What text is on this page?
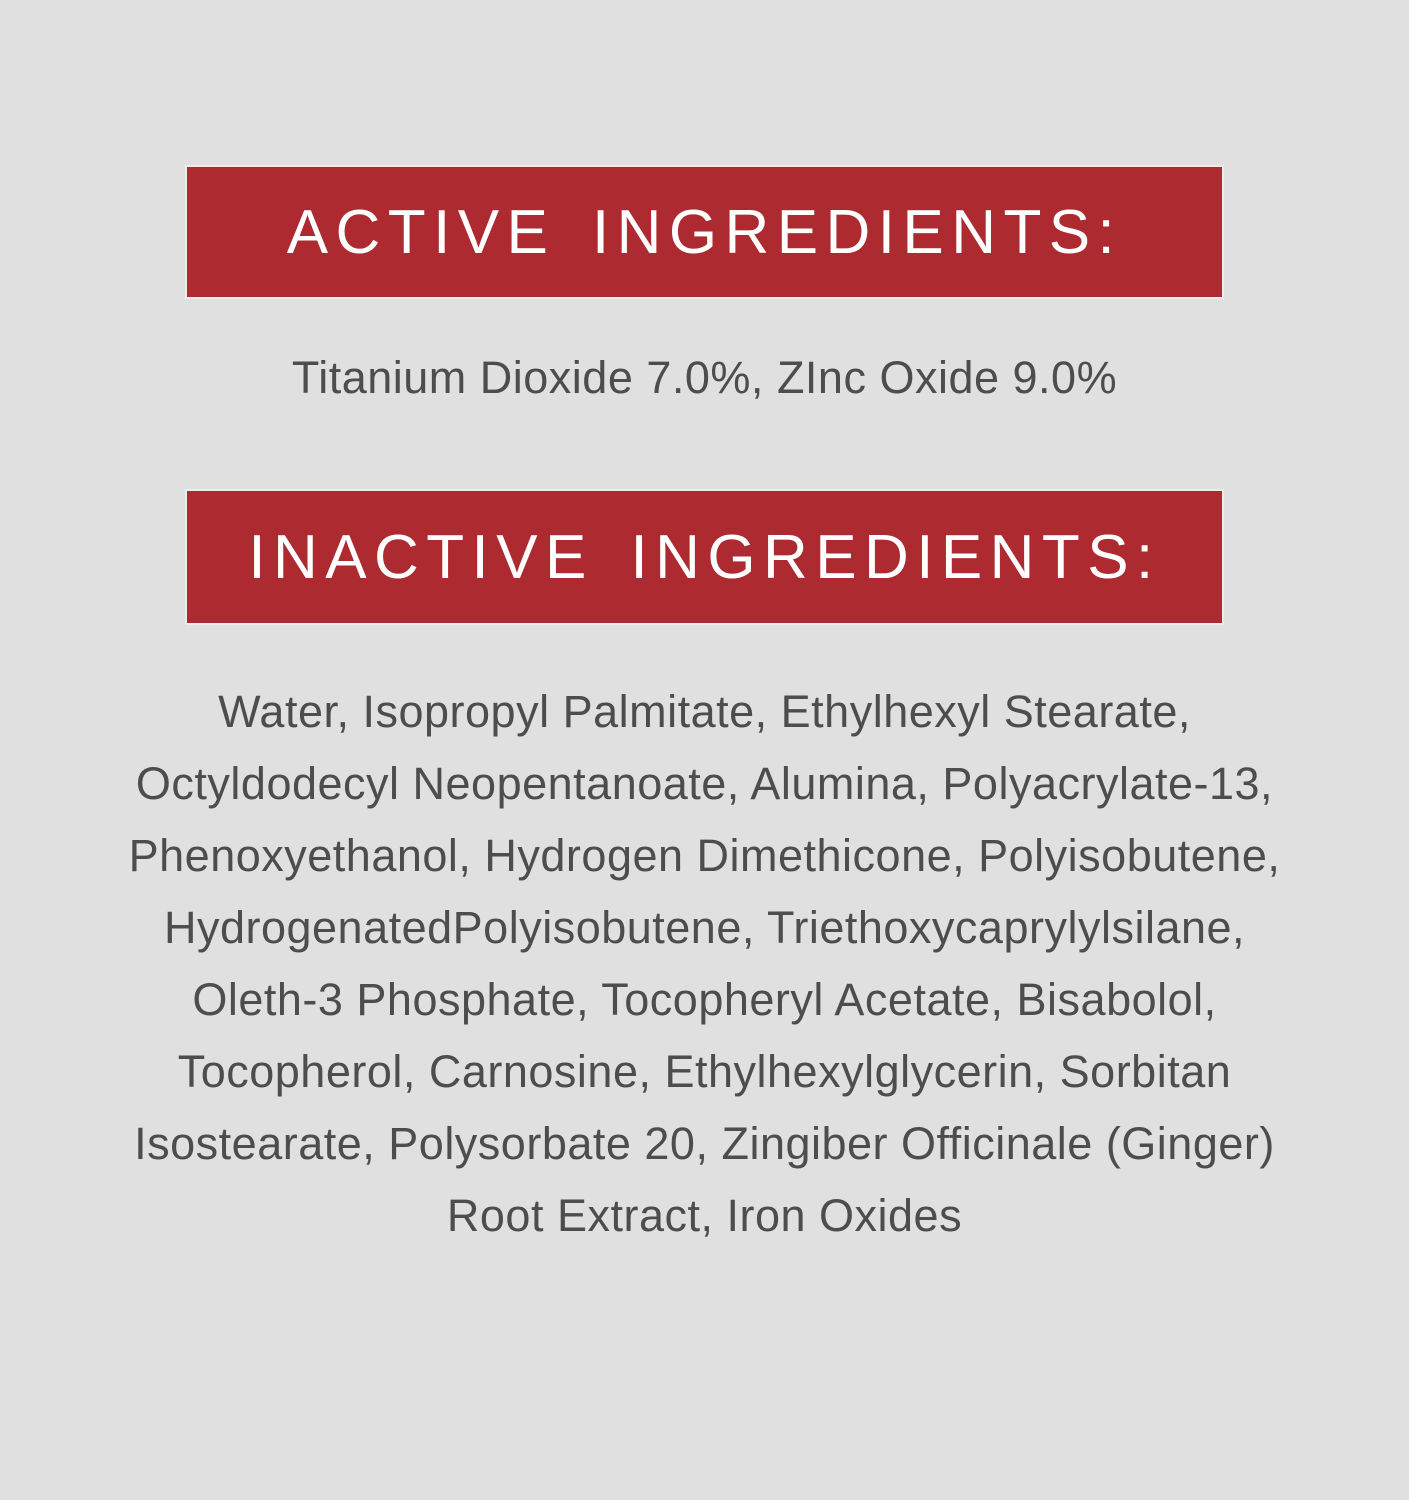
ACTIVE INGREDIENTS:
Titanium Dioxide 7.0%, ZInc Oxide 9.0%
INACTIVE INGREDIENTS:
Water, Isopropyl Palmitate, Ethylhexyl Stearate,
Octyldodecyl Neopentanoate, Alumina, Polyacrylate-13,
Phenoxyethanol, Hydrogen Dimethicone, Polyisobutene,
HydrogenatedPolyisobutene, Triethoxycaprylylsilane,
Oleth-3 Phosphate, Tocopheryl Acetate, Bisabolol,
Tocopherol, Carnosine, Ethylhexylglycerin, Sorbitan
Isostearate, Polysorbate 20, Zingiber Officinale (Ginger)
Root Extract, Iron Oxides
